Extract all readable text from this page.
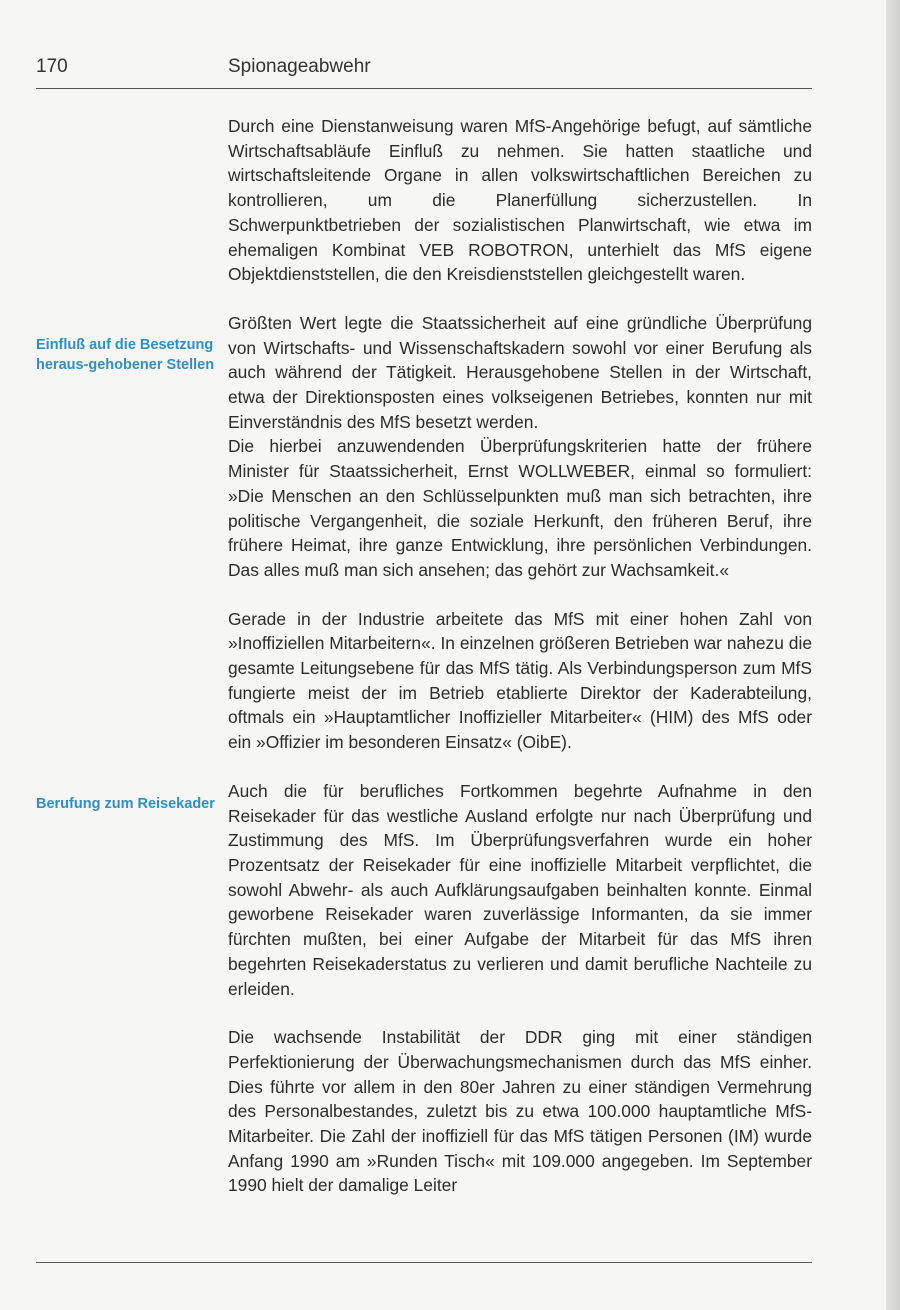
170	Spionageabwehr
Einfluß auf die Besetzung heraus-gehobener Stellen
Berufung zum Reisekader

Durch eine Dienstanweisung waren MfS-Angehörige befugt, auf sämtliche Wirtschaftsabläufe Einfluß zu nehmen. Sie hatten staatliche und wirtschaftsleitende Organe in allen volkswirtschaftlichen Bereichen zu kontrollieren, um die Planerfüllung sicherzustellen. In Schwerpunktbetrieben der sozialistischen Planwirtschaft, wie etwa im ehemaligen Kombinat VEB ROBOTRON, unterhielt das MfS eigene Objektdienststellen, die den Kreisdienststellen gleichgestellt waren.

Größten Wert legte die Staatssicherheit auf eine gründliche Überprüfung von Wirtschafts- und Wissenschaftskadern sowohl vor einer Berufung als auch während der Tätigkeit. Herausgehobene Stellen in der Wirtschaft, etwa der Direktionsposten eines volkseigenen Betriebes, konnten nur mit Einverständnis des MfS besetzt werden.

Die hierbei anzuwendenden Überprüfungskriterien hatte der frühere Minister für Staatssicherheit, Ernst WOLLWEBER, einmal so formuliert: »Die Menschen an den Schlüsselpunkten muß man sich betrachten, ihre politische Vergangenheit, die soziale Herkunft, den früheren Beruf, ihre frühere Heimat, ihre ganze Entwicklung, ihre persönlichen Verbindungen. Das alles muß man sich ansehen; das gehört zur Wachsamkeit.«

Gerade in der Industrie arbeitete das MfS mit einer hohen Zahl von »Inoffiziellen Mitarbeitern«. In einzelnen größeren Betrieben war nahezu die gesamte Leitungsebene für das MfS tätig. Als Verbindungsperson zum MfS fungierte meist der im Betrieb etablierte Direktor der Kaderabteilung, oftmals ein »Hauptamtlicher Inoffizieller Mitarbeiter« (HIM) des MfS oder ein »Offizier im besonderen Einsatz« (OibE).

Auch die für berufliches Fortkommen begehrte Aufnahme in den Reisekader für das westliche Ausland erfolgte nur nach Überprüfung und Zustimmung des MfS. Im Überprüfungsverfahren wurde ein hoher Prozentsatz der Reisekader für eine inoffizielle Mitarbeit verpflichtet, die sowohl Abwehr- als auch Aufklärungsaufgaben beinhalten konnte. Einmal geworbene Reisekader waren zuverlässige Informanten, da sie immer fürchten mußten, bei einer Aufgabe der Mitarbeit für das MfS ihren begehrten Reisekaderstatus zu verlieren und damit berufliche Nachteile zu erleiden.

Die wachsende Instabilität der DDR ging mit einer ständigen Perfektionierung der Überwachungsmechanismen durch das MfS einher. Dies führte vor allem in den 80er Jahren zu einer ständigen Vermehrung des Personalbestandes, zuletzt bis zu etwa 100.000 hauptamtliche MfS-Mitarbeiter. Die Zahl der inoffiziell für das MfS tätigen Personen (IM) wurde Anfang 1990 am »Runden Tisch« mit 109.000 angegeben. Im September 1990 hielt der damalige Leiter
